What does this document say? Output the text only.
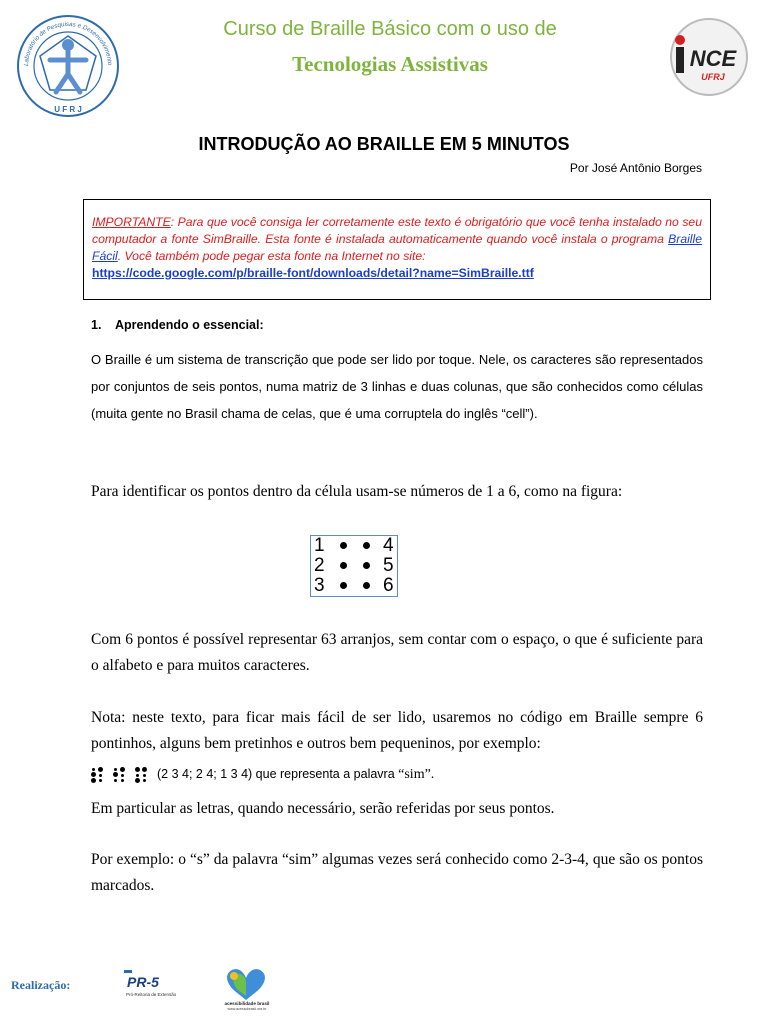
Laboratório de Pesquisas e Desenvolvimento
U F R J
Curso de Braille Básico com o uso de
Tecnologias Assistivas	NCE
UFRJ
INTRODUÇÃO AO BRAILLE EM 5 MINUTOS
Por José Antônio Borges
IMPORTANTE: Para que você consiga ler corretamente este texto é obrigatório que você tenha instalado no seu computador a fonte SimBraille. Esta fonte é instalada automaticamente quando você instala o programa Braille Fácil. Você também pode pegar esta fonte na Internet no site:
https://code.google.com/p/braille-font/downloads/detail?name=SimBraille.ttf
1. Aprendendo o essencial:
O Braille é um sistema de transcrição que pode ser lido por toque. Nele, os caracteres são representados por conjuntos de seis pontos, numa matriz de 3 linhas e duas colunas, que são conhecidos como células (muita gente no Brasil chama de celas, que é uma corruptela do inglês “cell”).
Para identificar os pontos dentro da célula usam-se números de 1 a 6, como na figura:
1	4
2	5
3	6
Com 6 pontos é possível representar 63 arranjos, sem contar com o espaço, o que é suficiente para o alfabeto e para muitos caracteres.
Nota: neste texto, para ficar mais fácil de ser lido, usaremos no código em Braille sempre 6 pontinhos, alguns bem pretinhos e outros bem pequeninos, por exemplo:
(2 3 4; 2 4; 1 3 4) que representa a palavra “sim”.
Em particular as letras, quando necessário, serão referidas por seus pontos.
Por exemplo: o “s” da palavra “sim” algumas vezes será conhecido como 2-3-4, que são os pontos marcados.
Realização:	PR-5
Pró-Reitoria de Extensão
acessibilidade brasil
www.acessobrasil.org.br
